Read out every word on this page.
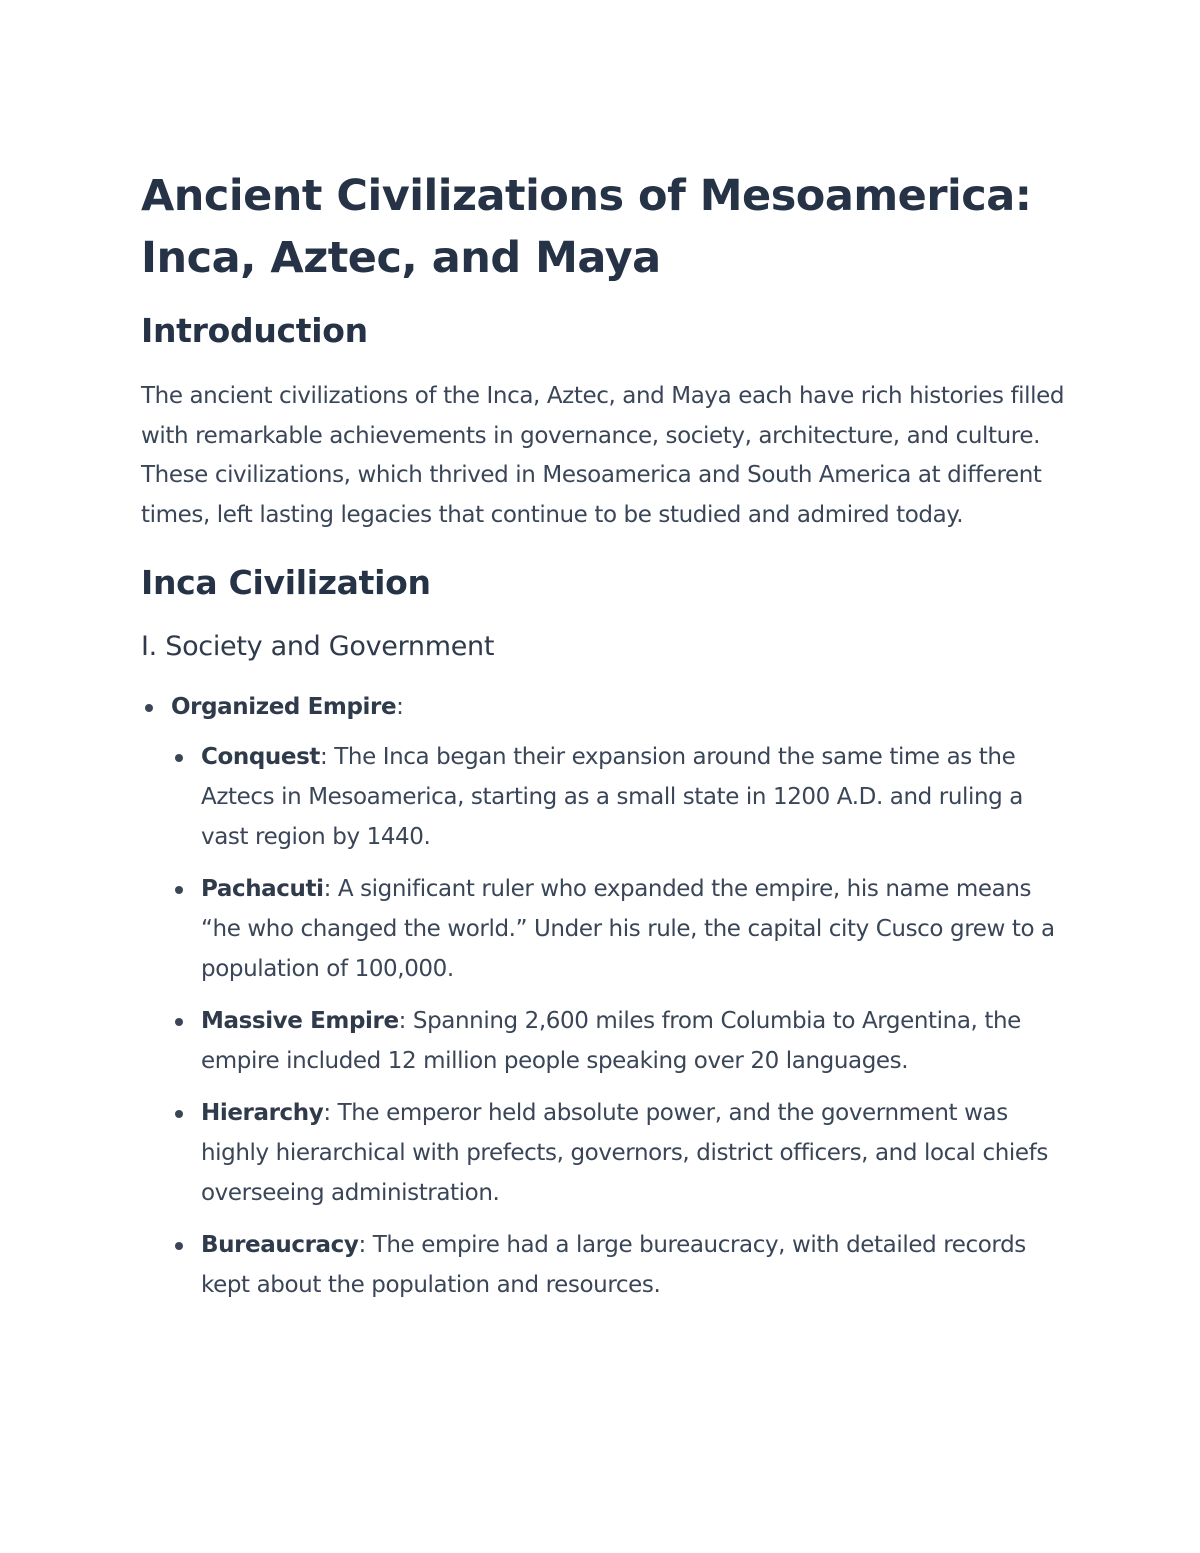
Ancient Civilizations of Mesoamerica:
Inca, Aztec, and Maya
Introduction

The ancient civilizations of the Inca, Aztec, and Maya each have rich histories filled with remarkable achievements in governance, society, architecture, and culture. These civilizations, which thrived in Mesoamerica and South America at different times, left lasting legacies that continue to be studied and admired today.

Inca Civilization
I. Society and Government
Organized Empire:
Conquest: The Inca began their expansion around the same time as the Aztecs in Mesoamerica, starting as a small state in 1200 A.D. and ruling a vast region by 1440.
Pachacuti: A significant ruler who expanded the empire, his name means “he who changed the world.” Under his rule, the capital city Cusco grew to a population of 100,000.
Massive Empire: Spanning 2,600 miles from Columbia to Argentina, the empire included 12 million people speaking over 20 languages.
Hierarchy: The emperor held absolute power, and the government was highly hierarchical with prefects, governors, district officers, and local chiefs overseeing administration.
Bureaucracy: The empire had a large bureaucracy, with detailed records kept about the population and resources.
